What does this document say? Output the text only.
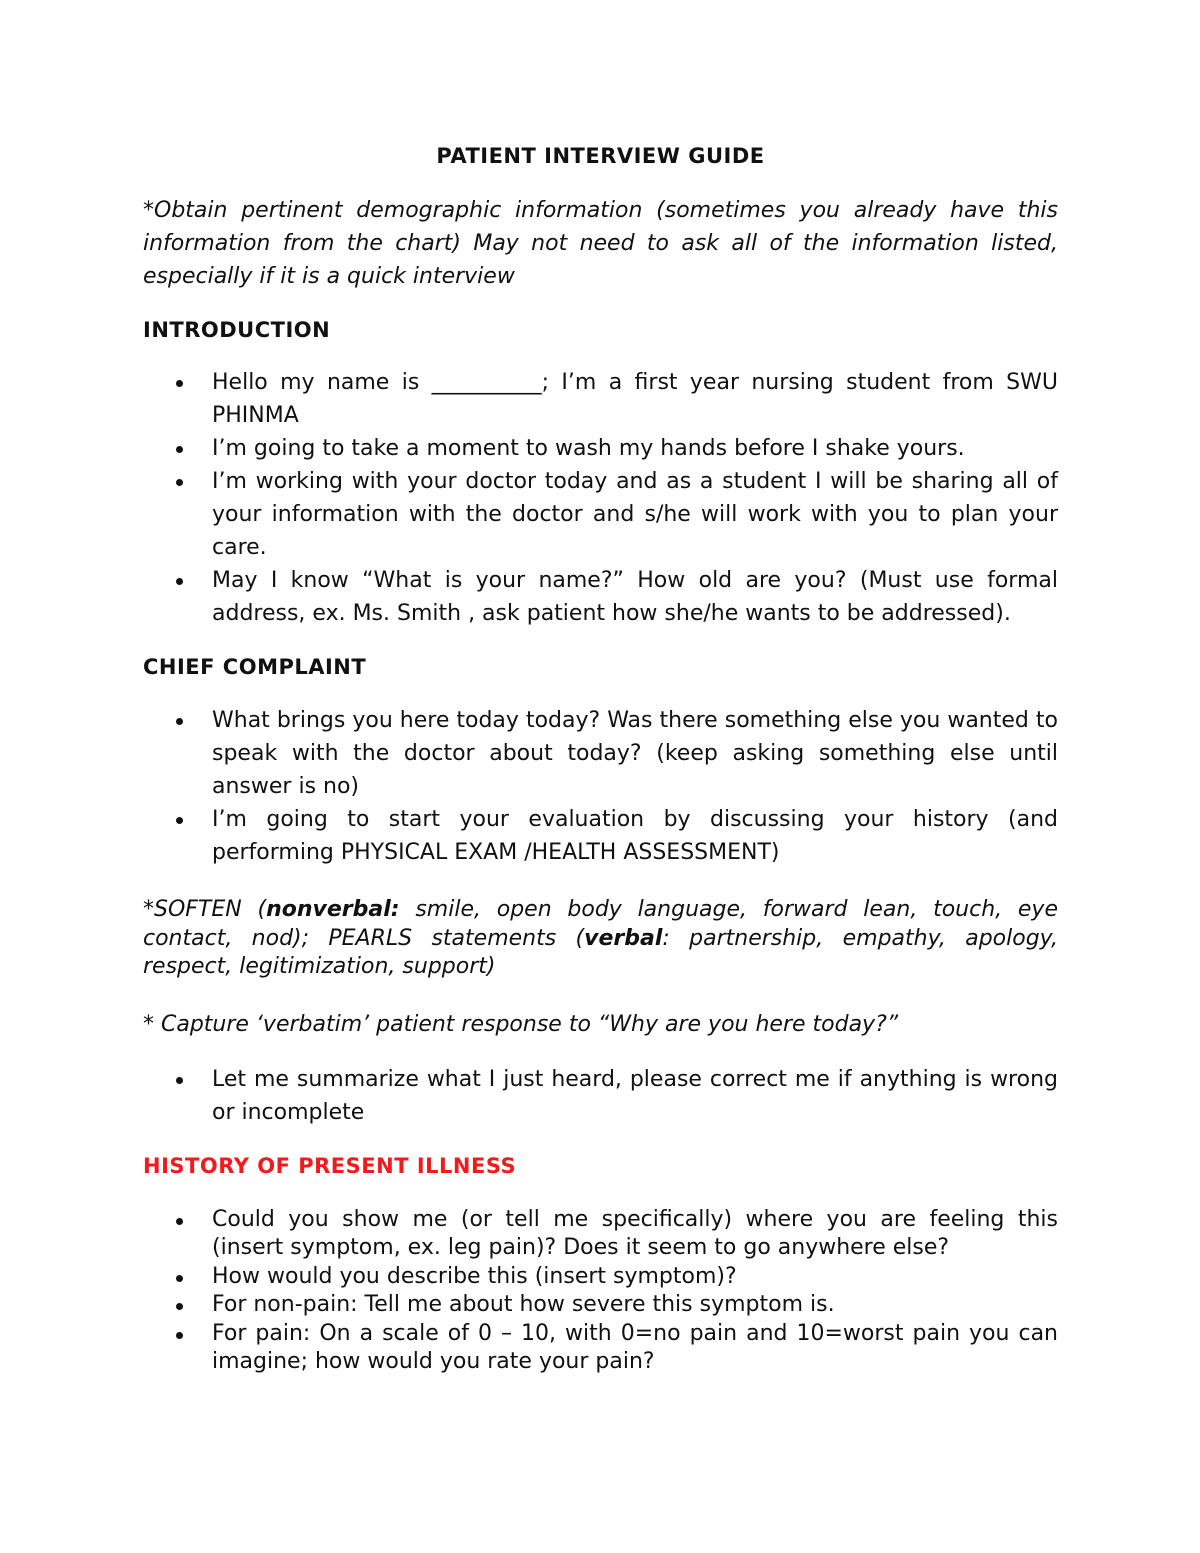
PATIENT INTERVIEW GUIDE

*Obtain pertinent demographic information (sometimes you already have this information from the chart) May not need to ask all of the information listed, especially if it is a quick interview

INTRODUCTION
Hello my name is __________; I’m a first year nursing student from SWU PHINMA
I’m going to take a moment to wash my hands before I shake yours.
I’m working with your doctor today and as a student I will be sharing all of your information with the doctor and s/he will work with you to plan your care.
May I know “What is your name?” How old are you? (Must use formal address, ex. Ms. Smith , ask patient how she/he wants to be addressed).
CHIEF COMPLAINT
What brings you here today today? Was there something else you wanted to speak with the doctor about today? (keep asking something else until answer is no)
I’m going to start your evaluation by discussing your history (and performing PHYSICAL EXAM /HEALTH ASSESSMENT)

*SOFTEN (nonverbal: smile, open body language, forward lean, touch, eye contact, nod); PEARLS statements (verbal: partnership, empathy, apology, respect, legitimization, support)

* Capture ‘verbatim’ patient response to “Why are you here today?”

Let me summarize what I just heard, please correct me if anything is wrong or incomplete
HISTORY OF PRESENT ILLNESS
Could you show me (or tell me specifically) where you are feeling this (insert symptom, ex. leg pain)? Does it seem to go anywhere else?
How would you describe this (insert symptom)?
For non-pain: Tell me about how severe this symptom is.
For pain: On a scale of 0 – 10, with 0=no pain and 10=worst pain you can imagine; how would you rate your pain?
